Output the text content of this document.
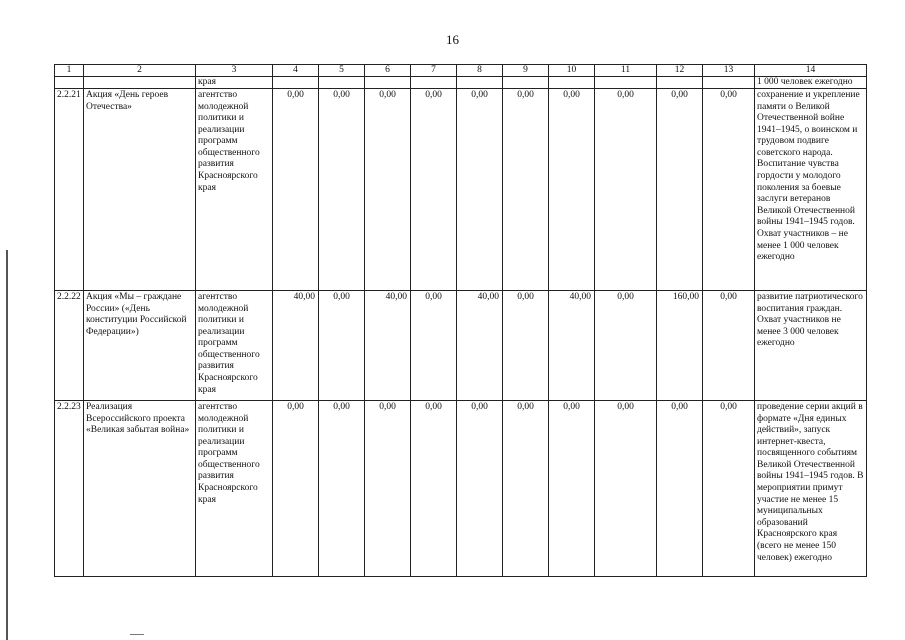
16
1	2	3	4	5	6	7	8	9	10	11	12	13	14
		края											1 000 человек ежегодно
2.2.21	Акция «День героев Отечества»	агентство молодежной политики и реализации программ общественного развития Красноярского края	0,00	0,00	0,00	0,00	0,00	0,00	0,00	0,00	0,00	0,00	сохранение и укрепление памяти о Великой Отечественной войне 1941–1945, о воинском и трудовом подвиге советского народа. Воспитание чувства гордости у молодого поколения за боевые заслуги ветеранов Великой Отечественной войны 1941–1945 годов. Охват участников – не менее 1 000 человек ежегодно
2.2.22	Акция «Мы – граждане России» («День конституции Российской Федерации»)	агентство молодежной политики и реализации программ общественного развития Красноярского края	40,00	0,00	40,00	0,00	40,00	0,00	40,00	0,00	160,00	0,00	развитие патриотического воспитания граждан. Охват участников не менее 3 000 человек ежегодно
2.2.23	Реализация Всероссийского проекта «Великая забытая война»	агентство молодежной политики и реализации программ общественного развития Красноярского края	0,00	0,00	0,00	0,00	0,00	0,00	0,00	0,00	0,00	0,00	проведение серии акций в формате «Дня единых действий», запуск интернет-квеста, посвященного событиям Великой Отечественной войны 1941–1945 годов. В мероприятии примут участие не менее 15 муниципальных образований Красноярского края (всего не менее 150 человек) ежегодно
